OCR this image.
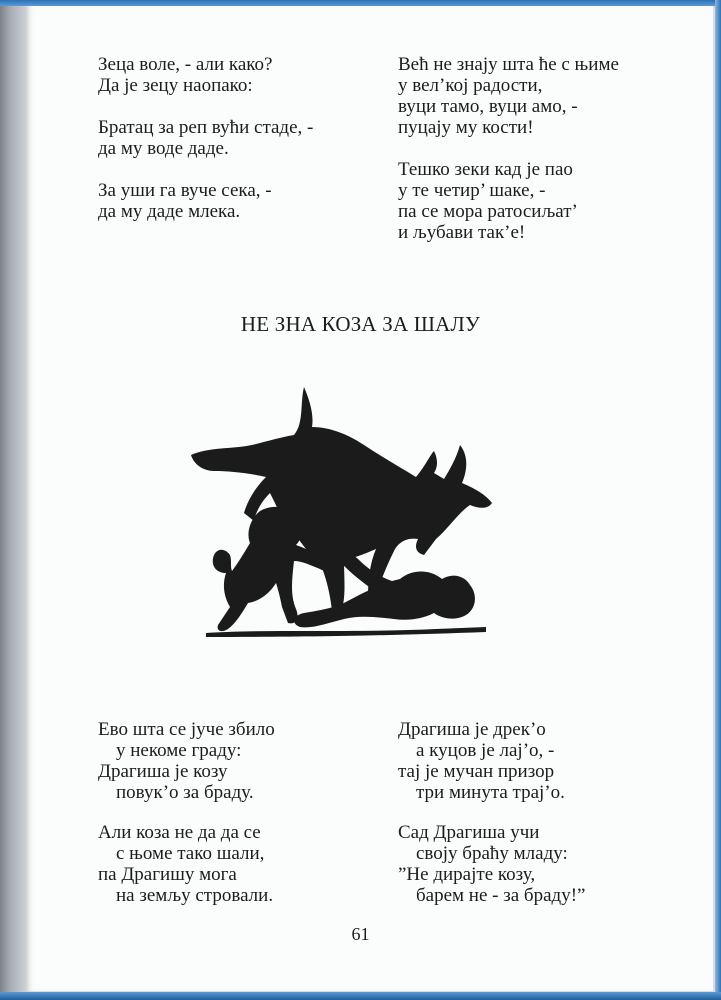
Зеца воле, - али како?
Да је зецу наопако:
Братац за реп вући стаде, -
да му воде даде.
За уши га вуче сека, -
да му даде млека.
Већ не знају шта ће с њиме
у вел’кој радости,
вуци тамо, вуци амо, -
пуцају му кости!
Тешко зеки кад је пао
у те четир’ шаке, -
па се мора ратосиљат’
и љубави так’е!
НЕ ЗНА КОЗА ЗА ШАЛУ
Ево шта се јуче збило
у некоме граду:
Драгиша је козу
повук’о за браду.
Али коза не да да се
с њоме тако шали,
па Драгишу мога
на земљу стровали.
Драгиша је дрек’о
а куцов је лај’о, -
тај је мучан призор
три минута трај’о.
Сад Драгиша учи
своју браћу младу:
”Не дирајте козу,
барем не - за браду!”
61
